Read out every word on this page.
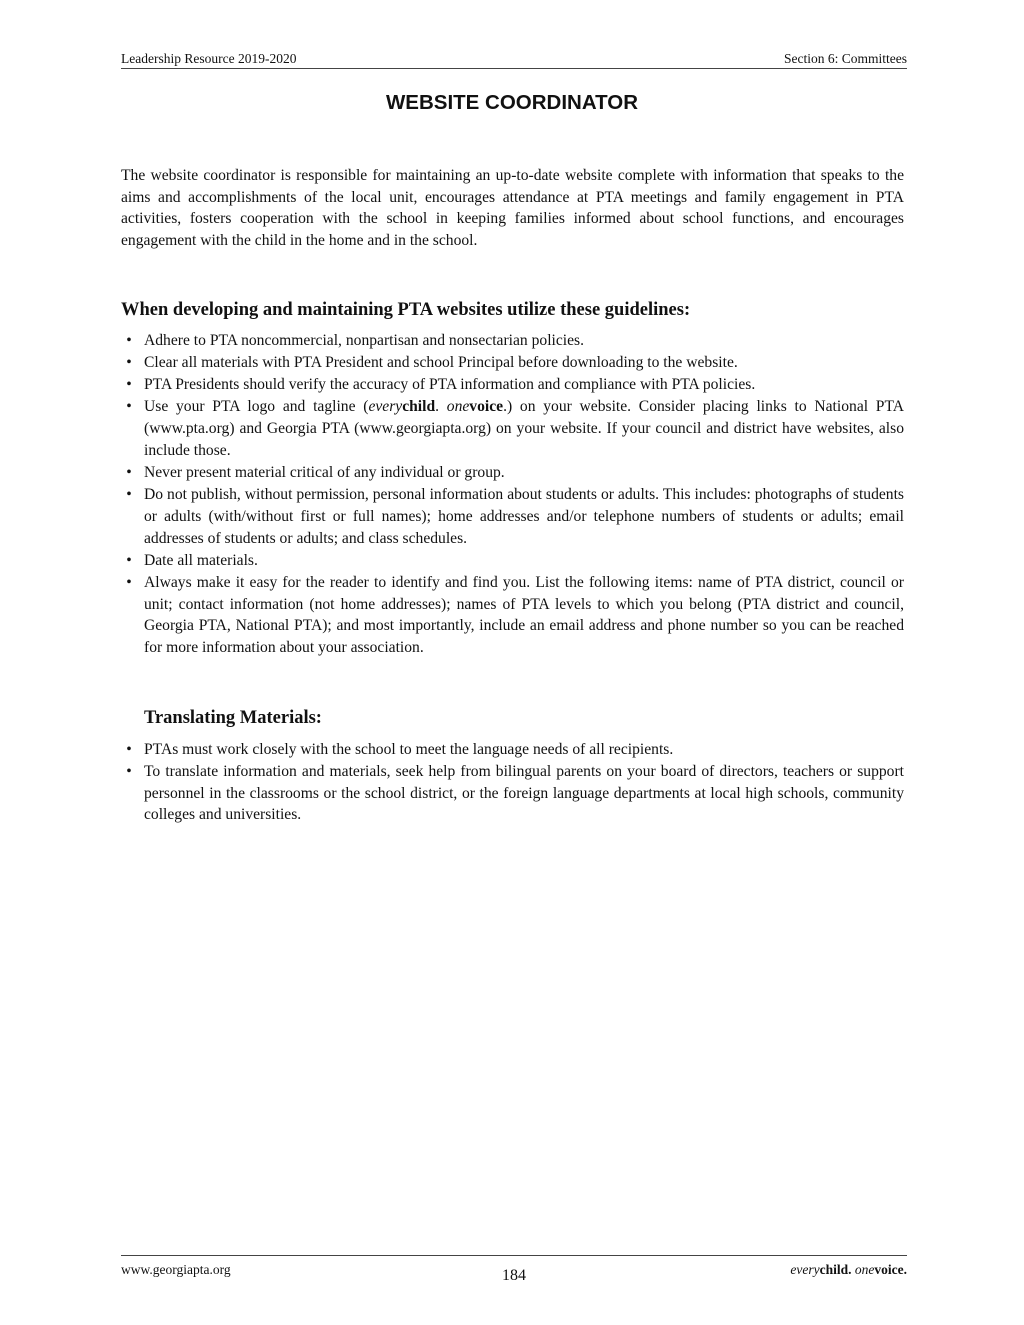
Leadership Resource 2019-2020	Section 6: Committees
WEBSITE COORDINATOR

The website coordinator is responsible for maintaining an up-to-date website complete with information that speaks to the aims and accomplishments of the local unit, encourages attendance at PTA meetings and family engagement in PTA activities, fosters cooperation with the school in keeping families informed about school functions, and encourages engagement with the child in the home and in the school.

When developing and maintaining PTA websites utilize these guidelines:
• Adhere to PTA noncommercial, nonpartisan and nonsectarian policies.
• Clear all materials with PTA President and school Principal before downloading to the website.
• PTA Presidents should verify the accuracy of PTA information and compliance with PTA policies.
• Use your PTA logo and tagline (everychild. onevoice.) on your website. Consider placing links to National PTA (www.pta.org) and Georgia PTA (www.georgiapta.org) on your website. If your council and district have websites, also include those.
• Never present material critical of any individual or group.
• Do not publish, without permission, personal information about students or adults. This includes: photographs of students or adults (with/without first or full names); home addresses and/or telephone numbers of students or adults; email addresses of students or adults; and class schedules.
• Date all materials.
• Always make it easy for the reader to identify and find you. List the following items: name of PTA district, council or unit; contact information (not home addresses); names of PTA levels to which you belong (PTA district and council, Georgia PTA, National PTA); and most importantly, include an email address and phone number so you can be reached for more information about your association.
Translating Materials:
• PTAs must work closely with the school to meet the language needs of all recipients.
• To translate information and materials, seek help from bilingual parents on your board of directors, teachers or support personnel in the classrooms or the school district, or the foreign language departments at local high schools, community colleges and universities.
www.georgiapta.org	184	everychild. onevoice.
